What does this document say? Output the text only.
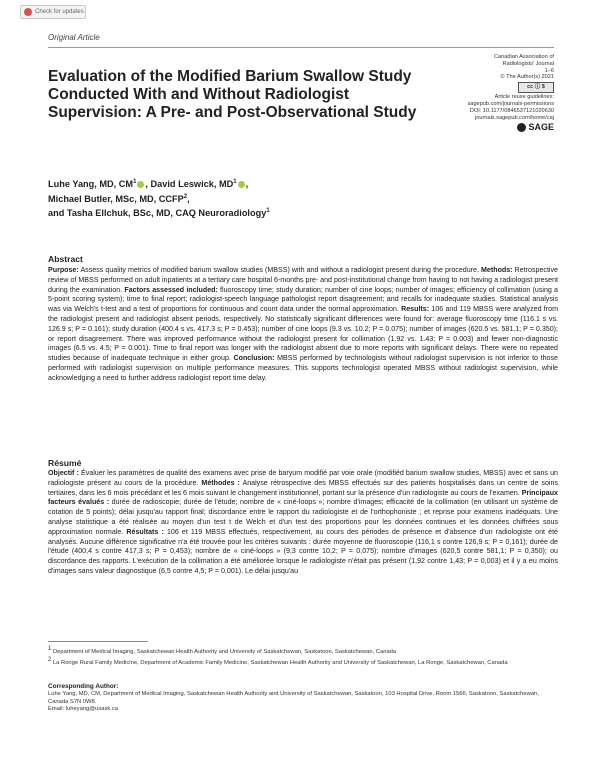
Check for updates
Original Article
Evaluation of the Modified Barium Swallow Study Conducted With and Without Radiologist Supervision: A Pre- and Post-Observational Study
Canadian Association of
Radiologists' Journal
1–6
© The Author(s) 2021
cc ⓘ $
Article reuse guidelines:
sagepub.com/journals-permissions
DOI: 10.1177/0846537121020630
journals.sagepub.com/home/caj
SAGE
Luhe Yang, MD, $CM^1$ , David Leswick, $MD^1$ ,
Michael Butler, MSc, MD, CCFP$^2$,
and Tasha Ellchuk, BSc, MD, CAQ Neuroradiology$^1$
Abstract
Purpose: Assess quality metrics of modified barium swallow studies (MBSS) with and without a radiologist present during the procedure. Methods: Retrospective review of MBSS performed on adult inpatients at a tertiary care hospital 6-months pre- and post-institutional change from having to not having a radiologist present during the examination. Factors assessed included: fluoroscopy time; study duration; number of cine loops; number of images; efficiency of collimation (using a 5-point scoring system); time to final report; radiologist-speech language pathologist report disagreement; and recalls for inadequate studies. Statistical analysis was via Welch's t-test and a test of proportions for continuous and count data under the normal approximation. Results: 106 and 119 MBSS were analyzed from the radiologist present and radiologist absent periods, respectively. No statistically significant differences were found for: average fluoroscopy time (116.1 s vs. 126.9 s; P = 0.161); study duration (400.4 s vs. 417.3 s; P = 0.453); number of cine loops (9.3 vs. 10.2; P = 0.075); number of images (620.5 vs. 581.1; P = 0.350); or report disagreement. There was improved performance without the radiologist present for collimation (1.92 vs. 1.43; P = 0.003) and fewer non-diagnostic images (6.5 vs. 4.5; P = 0.001). Time to final report was longer with the radiologist absent due to more reports with significant delays. There were no repeated studies because of inadequate technique in either group. Conclusion: MBSS performed by technologists without radiologist supervision is not inferior to those performed with radiologist supervision on multiple performance measures. This supports technologist operated MBSS without radiologist supervision, while acknowledging a need to further address radiologist report time delay.
Résumé
Objectif : Évaluer les paramètres de qualité des examens avec prise de baryum modifié par voie orale (modifiéd barium swallow studies, MBSS) avec et sans un radiologiste présent au cours de la procédure. Méthodes : Analyse rétrospective des MBSS effectués sur des patients hospitalisés dans un centre de soins tertiaires, dans les 6 mois précédant et les 6 mois suivant le changement institutionnel, portant sur la présence d'un radiologiste au cours de l'examen. Principaux facteurs évalués : durée de radioscopie; durée de l'étude; nombre de « ciné-loops »; nombre d'images; efficacité de la collimation (en utilisant un système de cotation de 5 points); délai jusqu'au rapport final; discordance entre le rapport du radiologiste et de l'orthophoniste ; et reprise pour examens inadéquats. Une analyse statistique a été réalisée au moyen d'un test t de Welch et d'un test des proportions pour les données continues et les données chiffrées sous approximation normale. Résultats : 106 et 119 MBSS effectués, respectivement, au cours des périodes de présence et d'absence d'un radiologiste ont été analysés. Aucune différence significative n'a été trouvée pour les critères suivants : durée moyenne de fluoroscopie (116,1 s contre 126,9 s; P = 0,161); durée de l'étude (400,4 s contre 417,3 s; P = 0,453); nombre de « ciné-loops » (9,3 contre 10,2; P = 0,075); nombre d'images (620,5 contre 581,1; P = 0,350); ou discordance des rapports. L'exécution de la collimation a été améliorée lorsque le radiologiste n'était pas présent (1,92 contre 1,43; P = 0,003) et il y a eu moins d'images sans valeur diagnostique (6,5 contre 4,5; P = 0,001). Le délai jusqu'au
$^1$ Department of Medical Imaging, Saskatchewan Health Authority and University of Saskatchewan, Saskatoon, Saskatchewan, Canada
$^2$ La Ronge Rural Family Medicine, Department of Academic Family Medicine, Saskatchewan Health Authority and University of Saskatchewan, La Ronge, Saskatchewan, Canada
Corresponding Author:
Luhe Yang, MD, CM, Department of Medical Imaging, Saskatchewan Health Authority and University of Saskatchewan, Saskatoon, 103 Hospital Drive, Room 1566, Saskatoon, Saskatchewan, Canada S7N 0W8.
Email: luheyang@usask.ca
